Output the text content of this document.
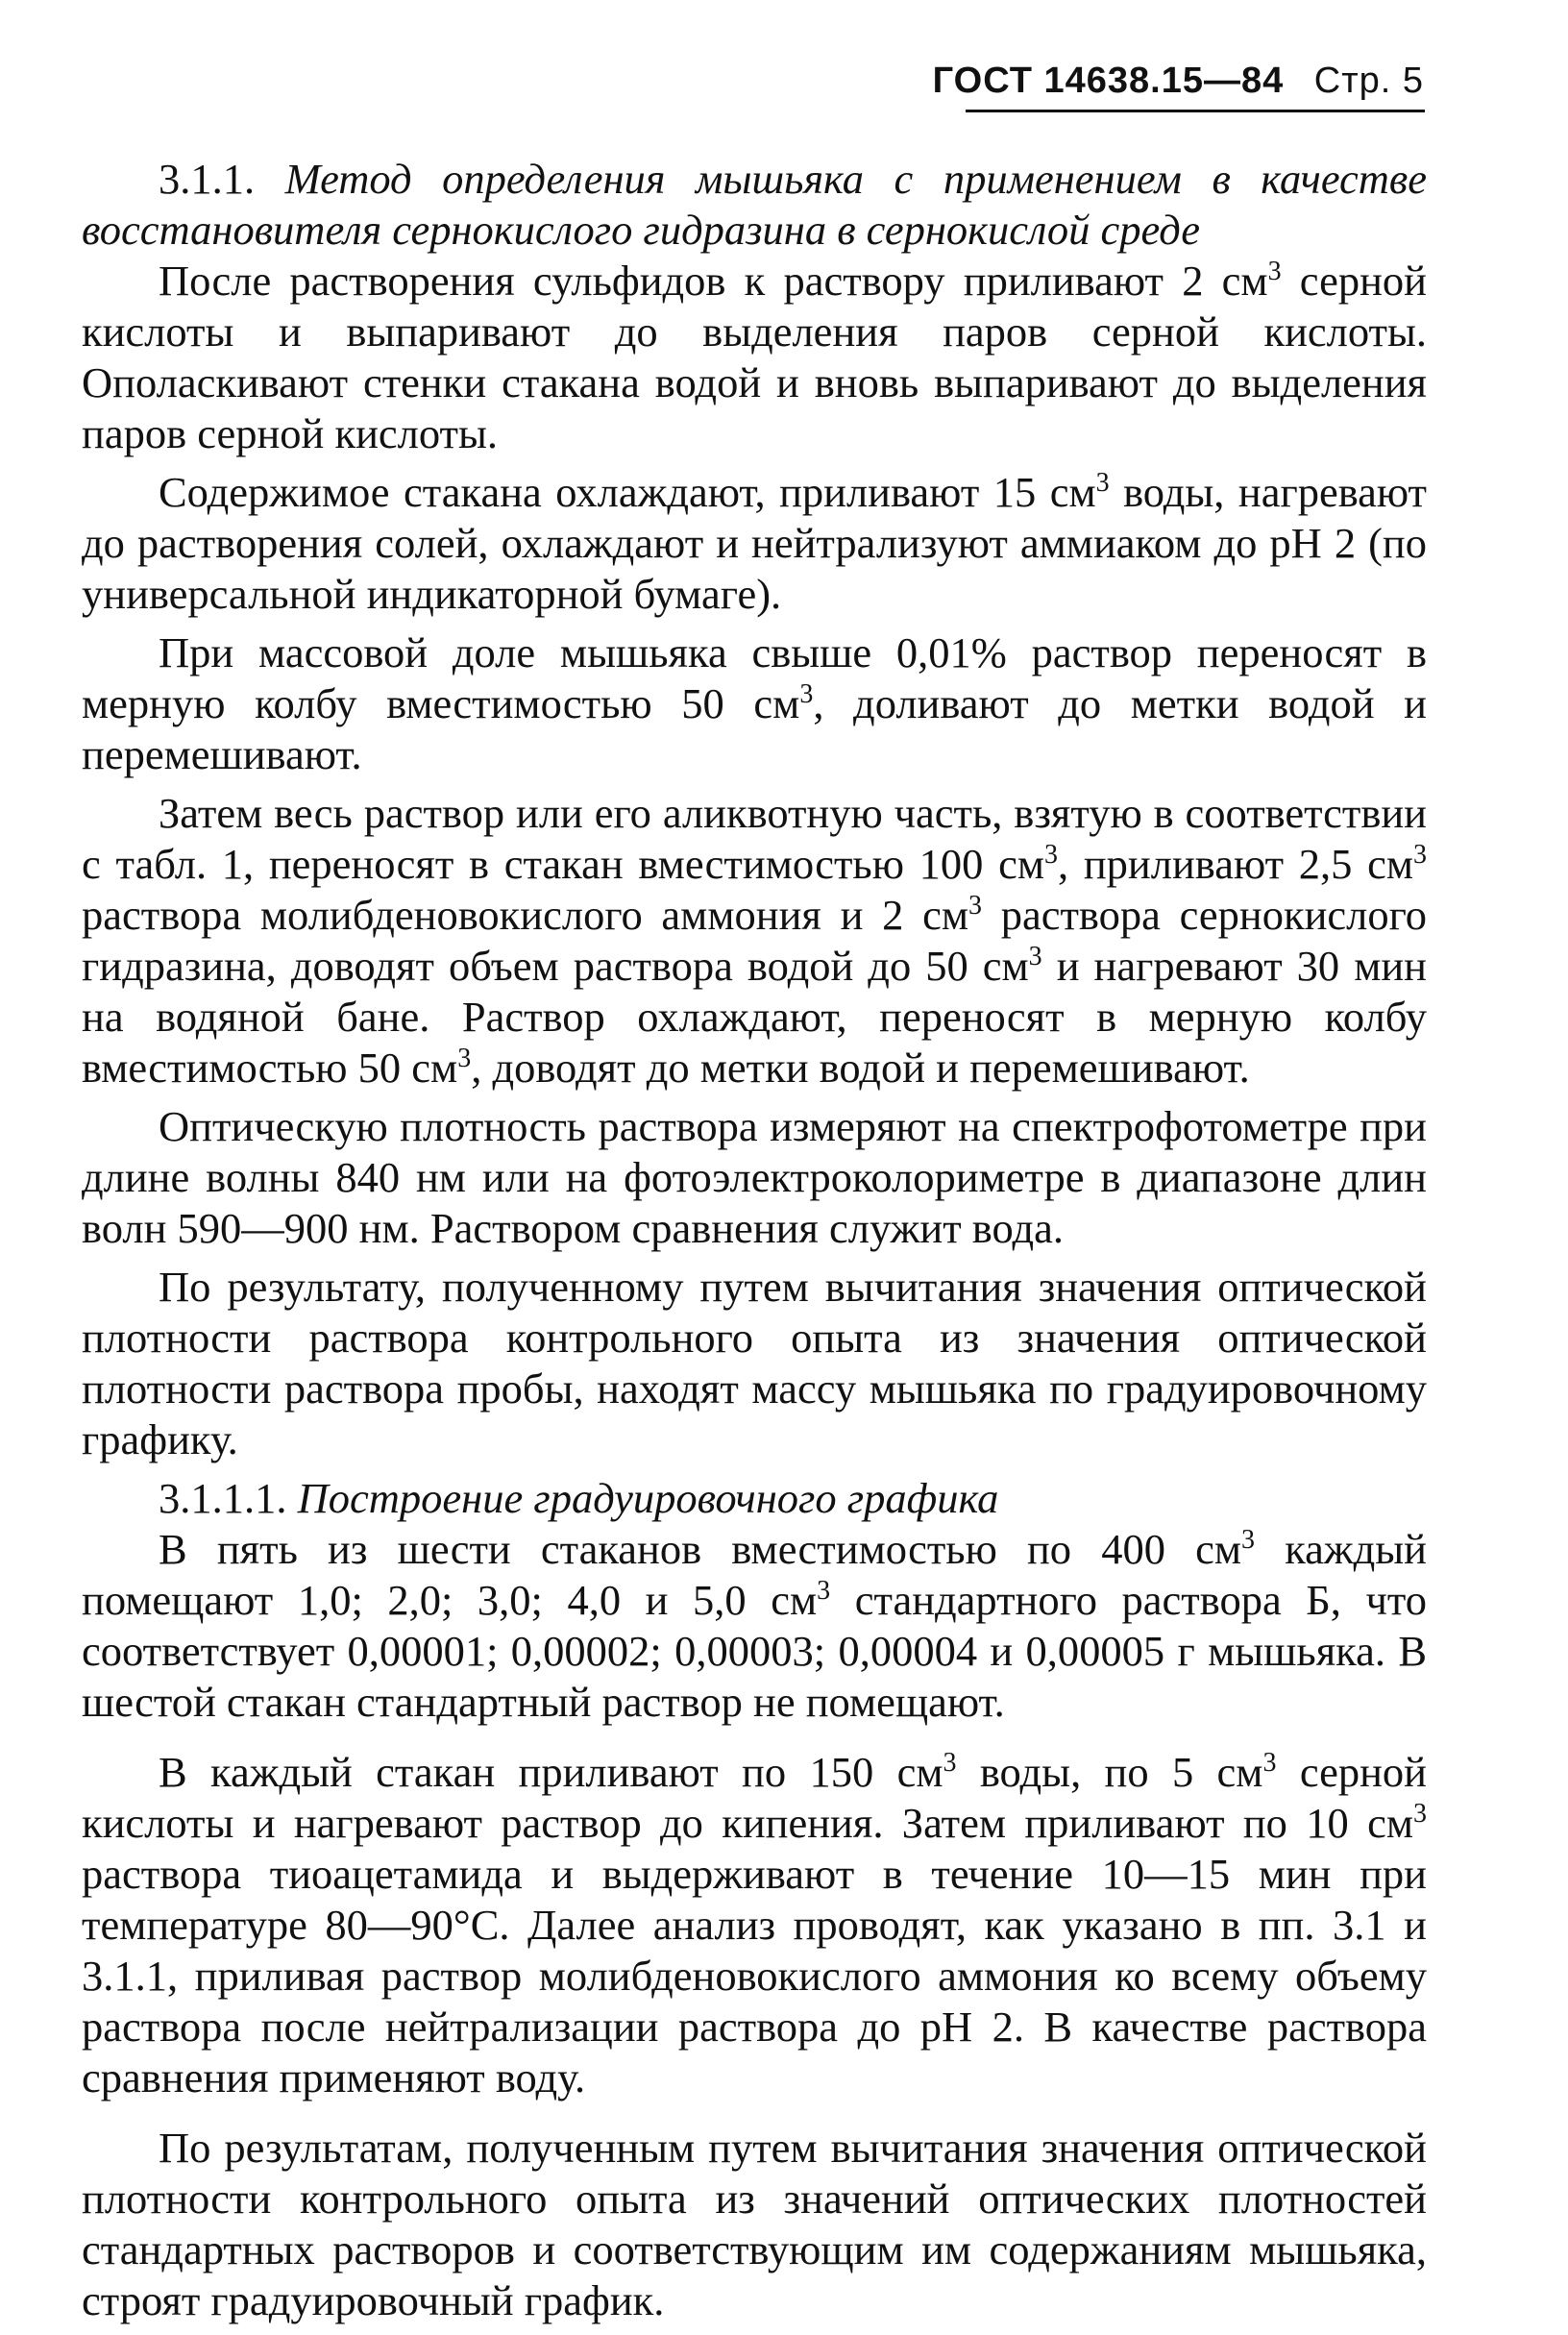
ГОСТ 14638.15—84 Стр. 5

3.1.1. Метод определения мышьяка с применением в качестве восстановителя сернокислого гидразина в сернокислой среде

После растворения сульфидов к раствору приливают 2 $см^3$ серной кислоты и выпаривают до выделения паров серной кислоты. Ополаскивают стенки стакана водой и вновь выпаривают до выделения паров серной кислоты.

Содержимое стакана охлаждают, приливают 15 $см^3$ воды, нагревают до растворения солей, охлаждают и нейтрализуют аммиаком до рН 2 (по универсальной индикаторной бумаге).

При массовой доле мышьяка свыше 0,01% раствор переносят в мерную колбу вместимостью 50 $см^3$, доливают до метки водой и перемешивают.

Затем весь раствор или его аликвотную часть, взятую в соответствии с табл. 1, переносят в стакан вместимостью 100 $см^3$, приливают 2,5 $см^3$ раствора молибденовокислого аммония и 2 $см^3$ раствора сернокислого гидразина, доводят объем раствора водой до 50 $см^3$ и нагревают 30 мин на водяной бане. Раствор охлаждают, переносят в мерную колбу вместимостью 50 $см^3$, доводят до метки водой и перемешивают.

Оптическую плотность раствора измеряют на спектрофотометре при длине волны 840 нм или на фотоэлектроколориметре в диапазоне длин волн 590—900 нм. Раствором сравнения служит вода.

По результату, полученному путем вычитания значения оптической плотности раствора контрольного опыта из значения оптической плотности раствора пробы, находят массу мышьяка по градуировочному графику.

3.1.1.1. Построение градуировочного графика

В пять из шести стаканов вместимостью по 400 $см^3$ каждый помещают 1,0; 2,0; 3,0; 4,0 и 5,0 $см^3$ стандартного раствора Б, что соответствует 0,00001; 0,00002; 0,00003; 0,00004 и 0,00005 г мышьяка. В шестой стакан стандартный раствор не помещают.

В каждый стакан приливают по 150 $см^3$ воды, по 5 $см^3$ серной кислоты и нагревают раствор до кипения. Затем приливают по 10 $см^3$ раствора тиоацетамида и выдерживают в течение 10—15 мин при температуре 80—90°С. Далее анализ проводят, как указано в пп. 3.1 и 3.1.1, приливая раствор молибденовокислого аммония ко всему объему раствора после нейтрализации раствора до рН 2. В качестве раствора сравнения применяют воду.

По результатам, полученным путем вычитания значения оптической плотности контрольного опыта из значений оптических плотностей стандартных растворов и соответствующим им содержаниям мышьяка, строят градуировочный график.
